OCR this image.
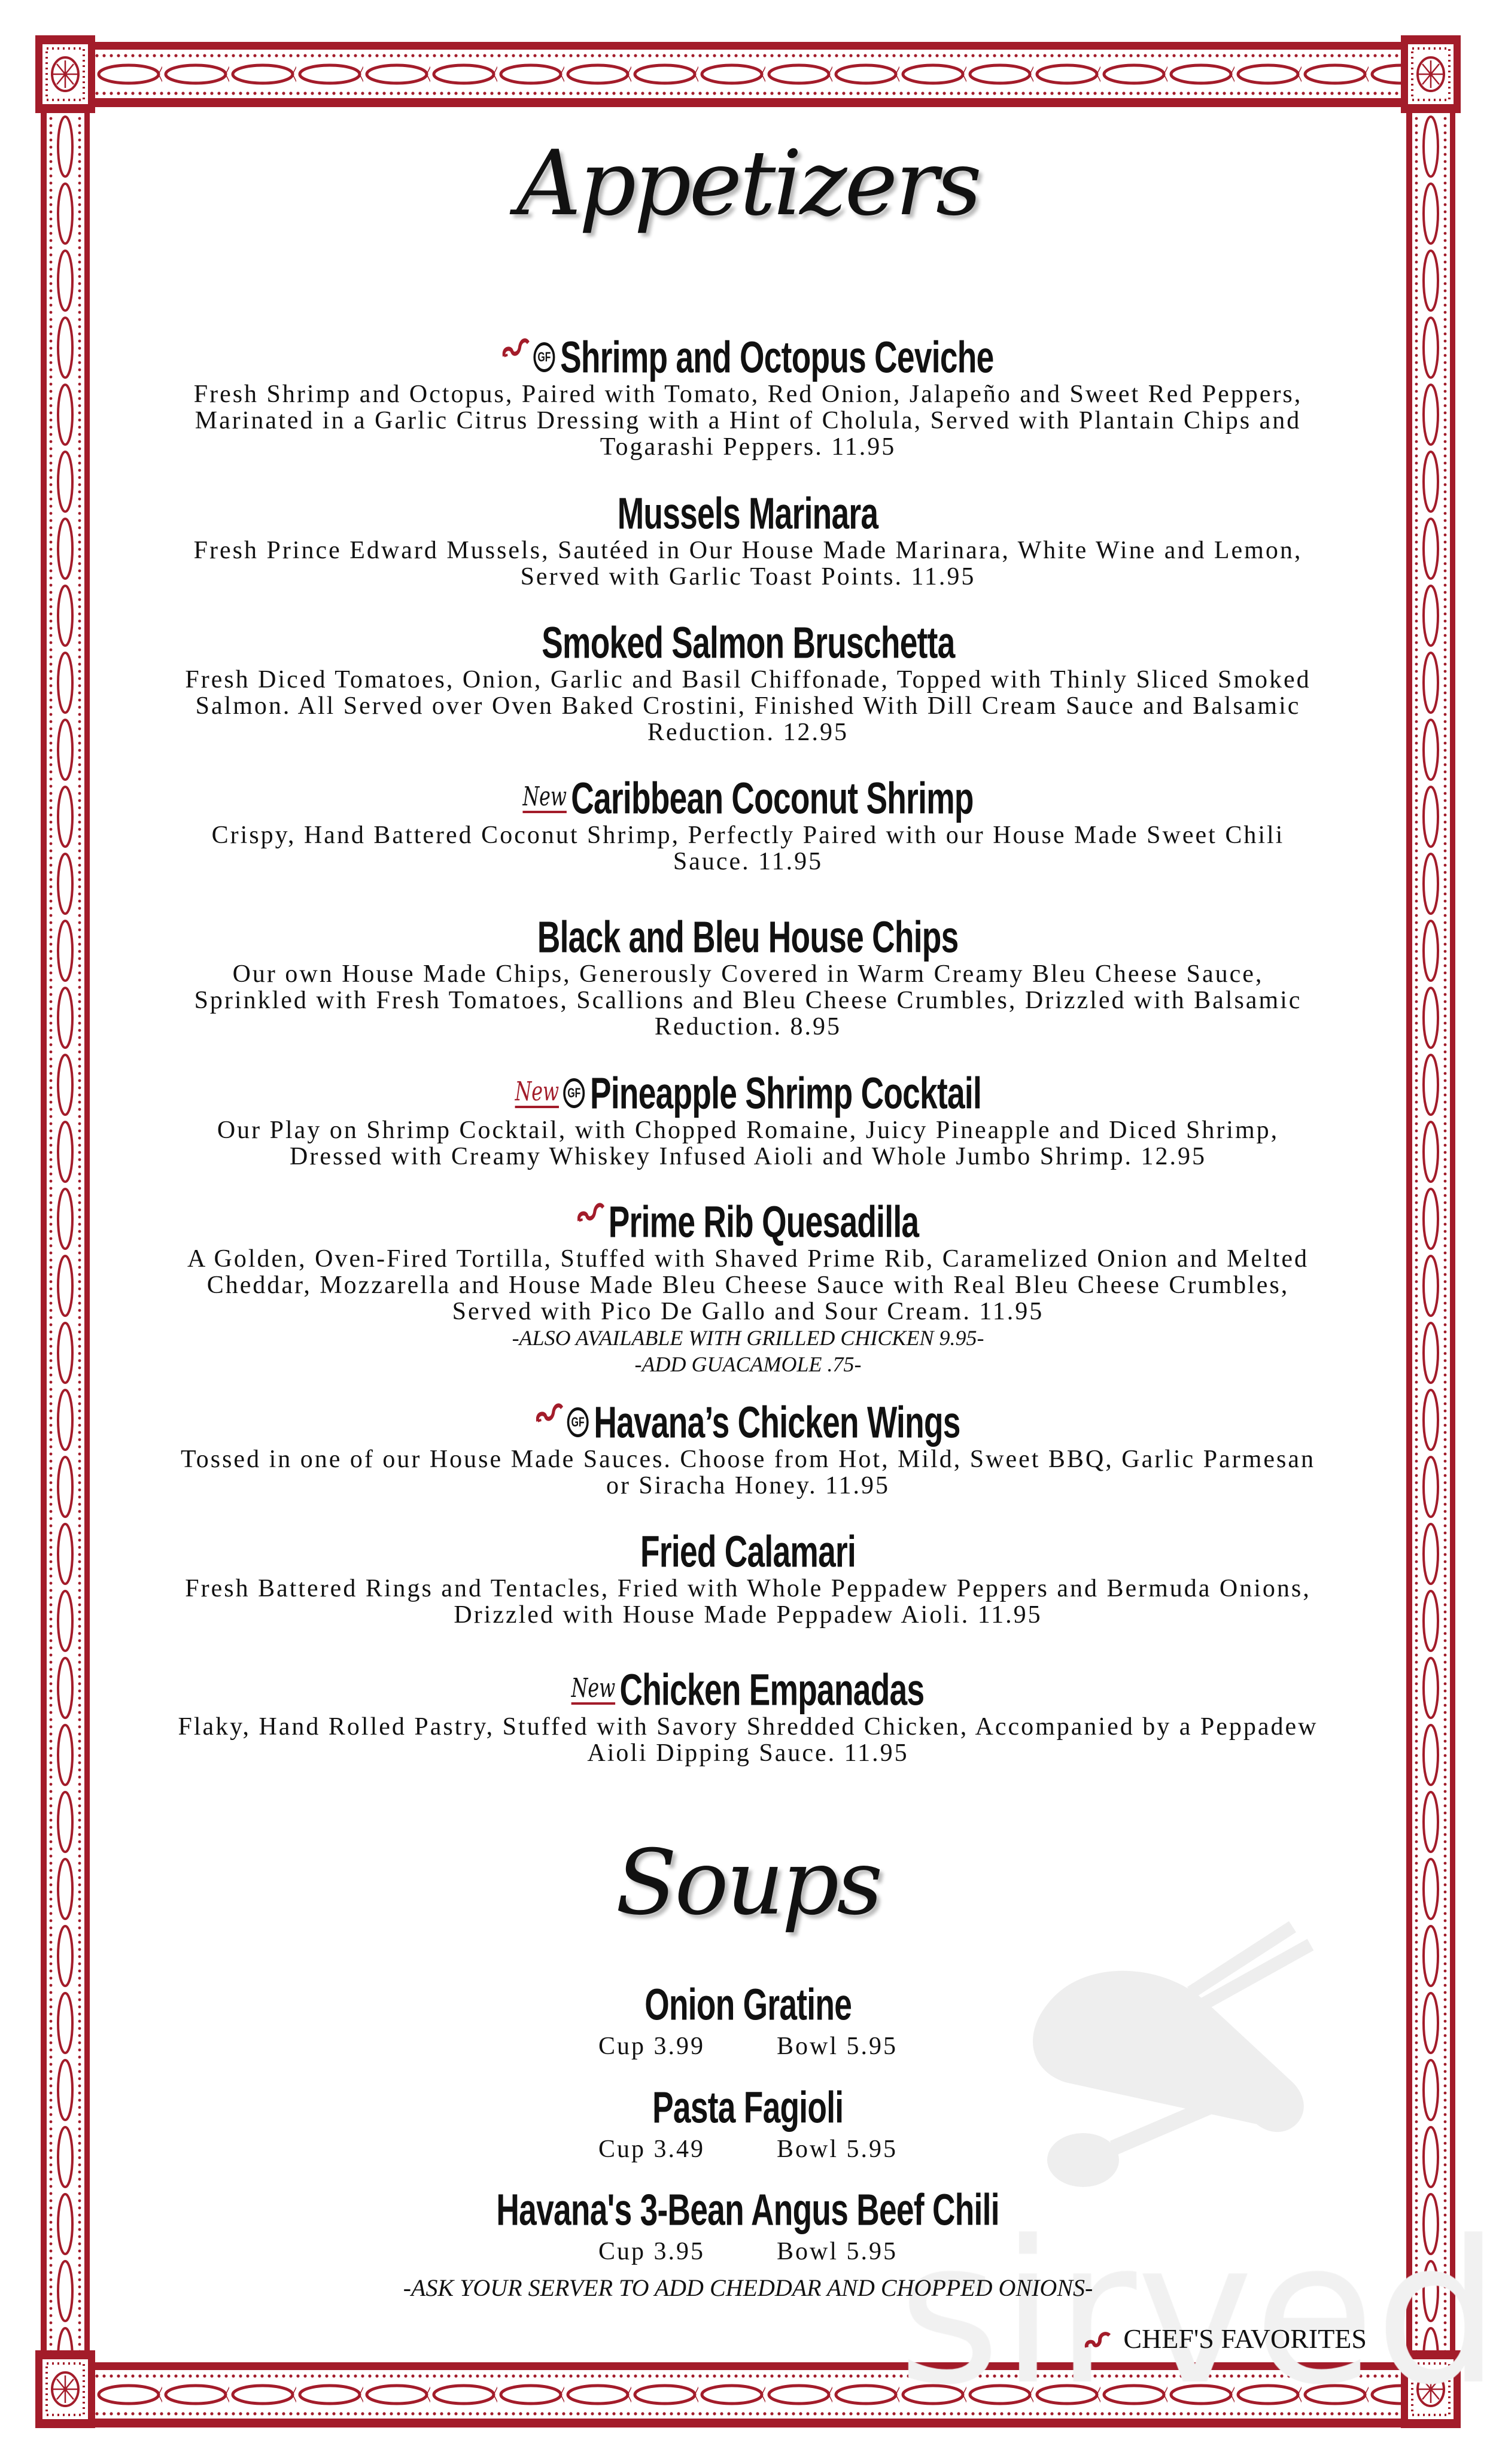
Appetizers
GF Shrimp and Octopus Ceviche
Fresh Shrimp and Octopus, Paired with Tomato, Red Onion, Jalapeño and Sweet Red Peppers,
Marinated in a Garlic Citrus Dressing with a Hint of Cholula, Served with Plantain Chips and
Togarashi Peppers. 11.95
Mussels Marinara
Fresh Prince Edward Mussels, Sautéed in Our House Made Marinara, White Wine and Lemon,
Served with Garlic Toast Points. 11.95
Smoked Salmon Bruschetta
Fresh Diced Tomatoes, Onion, Garlic and Basil Chiffonade, Topped with Thinly Sliced Smoked
Salmon. All Served over Oven Baked Crostini, Finished With Dill Cream Sauce and Balsamic
Reduction. 12.95
NewCaribbean Coconut Shrimp
Crispy, Hand Battered Coconut Shrimp, Perfectly Paired with our House Made Sweet Chili
Sauce. 11.95
Black and Bleu House Chips
Our own House Made Chips, Generously Covered in Warm Creamy Bleu Cheese Sauce,
Sprinkled with Fresh Tomatoes, Scallions and Bleu Cheese Crumbles, Drizzled with Balsamic
Reduction. 8.95
New GF Pineapple Shrimp Cocktail
Our Play on Shrimp Cocktail, with Chopped Romaine, Juicy Pineapple and Diced Shrimp,
Dressed with Creamy Whiskey Infused Aioli and Whole Jumbo Shrimp. 12.95
Prime Rib Quesadilla
A Golden, Oven-Fired Tortilla, Stuffed with Shaved Prime Rib, Caramelized Onion and Melted
Cheddar, Mozzarella and House Made Bleu Cheese Sauce with Real Bleu Cheese Crumbles,
Served with Pico De Gallo and Sour Cream. 11.95
-ALSO AVAILABLE WITH GRILLED CHICKEN 9.95-
-ADD GUACAMOLE .75-
GF Havana’s Chicken Wings
Tossed in one of our House Made Sauces. Choose from Hot, Mild, Sweet BBQ, Garlic Parmesan
or Siracha Honey. 11.95
Fried Calamari
Fresh Battered Rings and Tentacles, Fried with Whole Peppadew Peppers and Bermuda Onions,
Drizzled with House Made Peppadew Aioli. 11.95
NewChicken Empanadas
Flaky, Hand Rolled Pastry, Stuffed with Savory Shredded Chicken, Accompanied by a Peppadew
Aioli Dipping Sauce. 11.95
Soups
Onion Gratine
Cup 3.99	Bowl 5.95
Pasta Fagioli
Cup 3.49	Bowl 5.95
Havana's 3-Bean Angus Beef Chili
Cup 3.95	Bowl 5.95
-ASK YOUR SERVER TO ADD CHEDDAR AND CHOPPED ONIONS-
CHEF'S FAVORITES
